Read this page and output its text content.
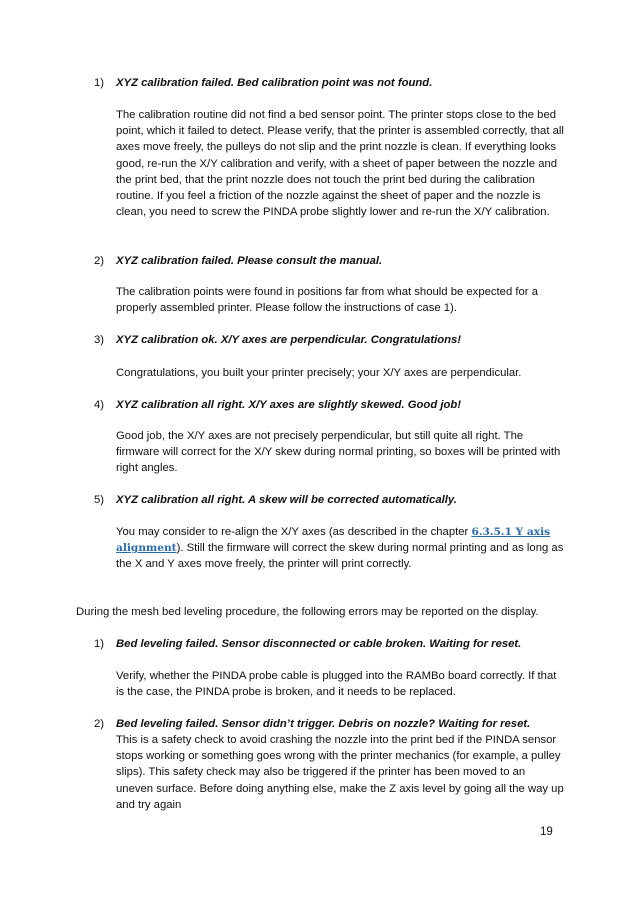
1)	XYZ calibration failed. Bed calibration point was not found.

The calibration routine did not find a bed sensor point. The printer stops close to the bed point, which it failed to detect. Please verify, that the printer is assembled correctly, that all axes move freely, the pulleys do not slip and the print nozzle is clean. If everything looks good, re-run the X/Y calibration and verify, with a sheet of paper between the nozzle and the print bed, that the print nozzle does not touch the print bed during the calibration routine. If you feel a friction of the nozzle against the sheet of paper and the nozzle is clean, you need to screw the PINDA probe slightly lower and re-run the X/Y calibration.

2)	XYZ calibration failed. Please consult the manual.

The calibration points were found in positions far from what should be expected for a properly assembled printer. Please follow the instructions of case 1).

3)	XYZ calibration ok. X/Y axes are perpendicular. Congratulations!

Congratulations, you built your printer precisely; your X/Y axes are perpendicular.

4)	XYZ calibration all right. X/Y axes are slightly skewed. Good job!

Good job, the X/Y axes are not precisely perpendicular, but still quite all right. The firmware will correct for the X/Y skew during normal printing, so boxes will be printed with right angles.

5)	XYZ calibration all right. A skew will be corrected automatically.

You may consider to re-align the X/Y axes (as described in the chapter 6.3.5.1 Y axis alignment). Still the firmware will correct the skew during normal printing and as long as the X and Y axes move freely, the printer will print correctly.

During the mesh bed leveling procedure, the following errors may be reported on the display.
1)	Bed leveling failed. Sensor disconnected or cable broken. Waiting for reset.

Verify, whether the PINDA probe cable is plugged into the RAMBo board correctly. If that is the case, the PINDA probe is broken, and it needs to be replaced.

2)	Bed leveling failed. Sensor didn’t trigger. Debris on nozzle? Waiting for reset.

This is a safety check to avoid crashing the nozzle into the print bed if the PINDA sensor stops working or something goes wrong with the printer mechanics (for example, a pulley slips). This safety check may also be triggered if the printer has been moved to an uneven surface. Before doing anything else, make the Z axis level by going all the way up and try again

19
